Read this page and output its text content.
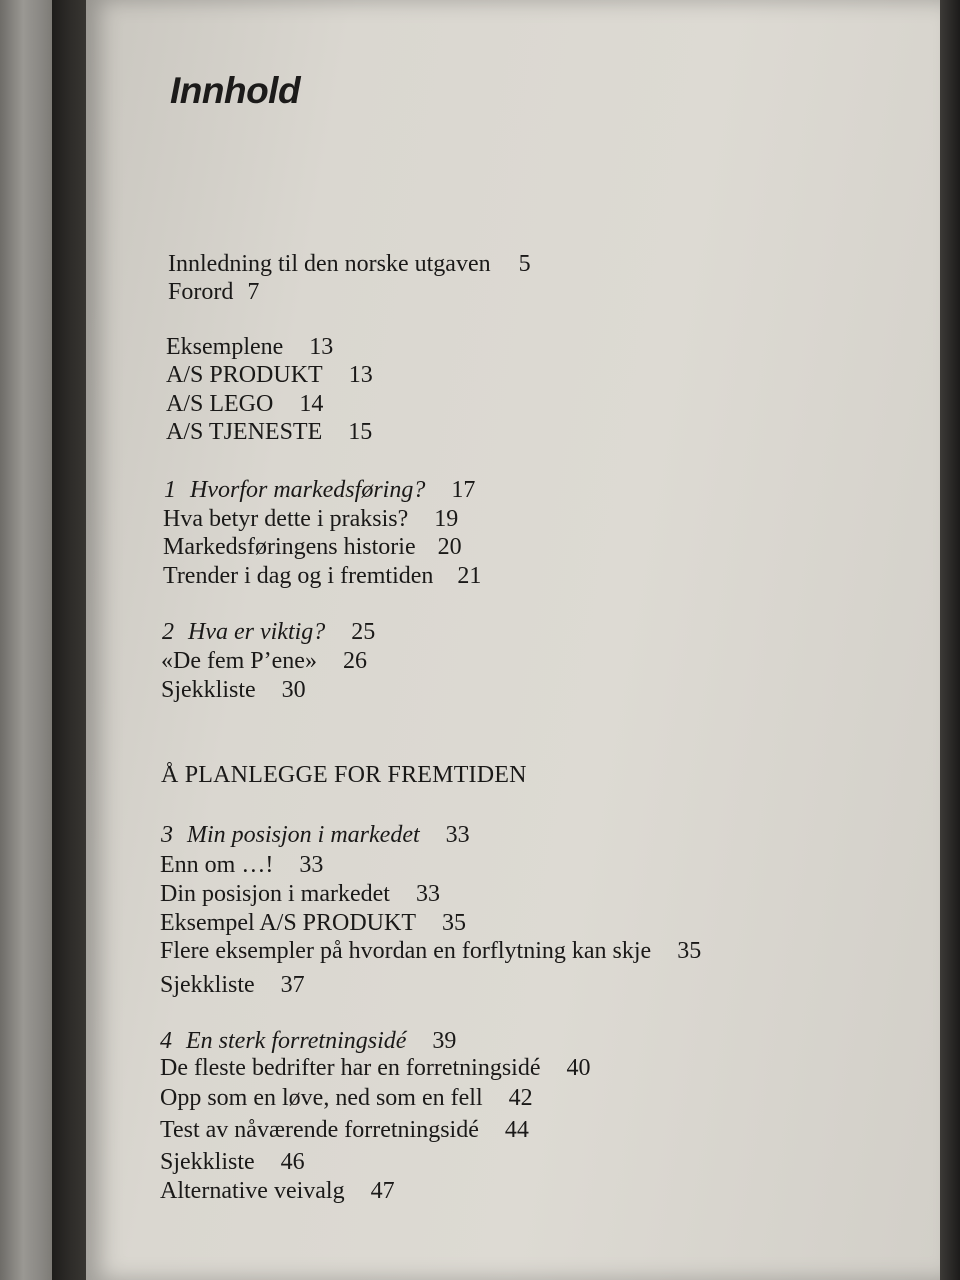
Innhold
Innledning til den norske utgaven 5
Forord 7
Eksemplene 13
A/S PRODUKT 13
A/S LEGO 14
A/S TJENESTE 15
1 Hvorfor markedsføring? 17
Hva betyr dette i praksis? 19
Markedsføringens historie 20
Trender i dag og i fremtiden 21
2 Hva er viktig? 25
«De fem P’ene» 26
Sjekkliste 30
Å PLANLEGGE FOR FREMTIDEN
3 Min posisjon i markedet 33
Enn om …! 33
Din posisjon i markedet 33
Eksempel A/S PRODUKT 35
Flere eksempler på hvordan en forflytning kan skje 35
Sjekkliste 37
4 En sterk forretningsidé 39
De fleste bedrifter har en forretningsidé 40
Opp som en løve, ned som en fell 42
Test av nåværende forretningsidé 44
Sjekkliste 46
Alternative veivalg 47
